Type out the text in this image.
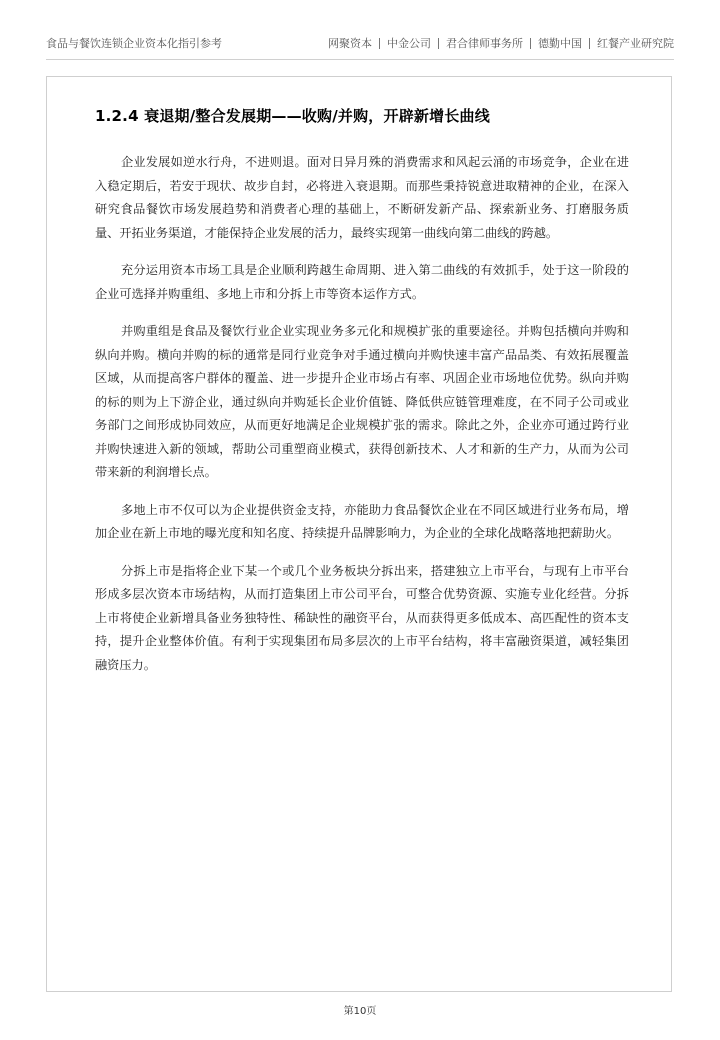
食品与餐饮连锁企业资本化指引参考	网聚资本 中金公司 君合律师事务所 德勤中国 红餐产业研究院
1.2.4 衰退期/整合发展期——收购/并购，开辟新增长曲线

企业发展如逆水行舟，不进则退。面对日异月殊的消费需求和风起云涌的市场竞争，企业在进入稳定期后，若安于现状、故步自封，必将进入衰退期。而那些秉持锐意进取精神的企业，在深入研究食品餐饮市场发展趋势和消费者心理的基础上，不断研发新产品、探索新业务、打磨服务质量、开拓业务渠道，才能保持企业发展的活力，最终实现第一曲线向第二曲线的跨越。

充分运用资本市场工具是企业顺利跨越生命周期、进入第二曲线的有效抓手，处于这一阶段的企业可选择并购重组、多地上市和分拆上市等资本运作方式。

并购重组是食品及餐饮行业企业实现业务多元化和规模扩张的重要途径。并购包括横向并购和纵向并购。横向并购的标的通常是同行业竞争对手通过横向并购快速丰富产品品类、有效拓展覆盖区域，从而提高客户群体的覆盖、进一步提升企业市场占有率、巩固企业市场地位优势。纵向并购的标的则为上下游企业，通过纵向并购延长企业价值链、降低供应链管理难度，在不同子公司或业务部门之间形成协同效应，从而更好地满足企业规模扩张的需求。除此之外，企业亦可通过跨行业并购快速进入新的领域，帮助公司重塑商业模式，获得创新技术、人才和新的生产力，从而为公司带来新的利润增长点。

多地上市不仅可以为企业提供资金支持，亦能助力食品餐饮企业在不同区域进行业务布局，增加企业在新上市地的曝光度和知名度、持续提升品牌影响力，为企业的全球化战略落地把薪助火。

分拆上市是指将企业下某一个或几个业务板块分拆出来，搭建独立上市平台，与现有上市平台形成多层次资本市场结构，从而打造集团上市公司平台，可整合优势资源、实施专业化经营。分拆上市将使企业新增具备业务独特性、稀缺性的融资平台，从而获得更多低成本、高匹配性的资本支持，提升企业整体价值。有利于实现集团布局多层次的上市平台结构，将丰富融资渠道，减轻集团融资压力。

第10页
